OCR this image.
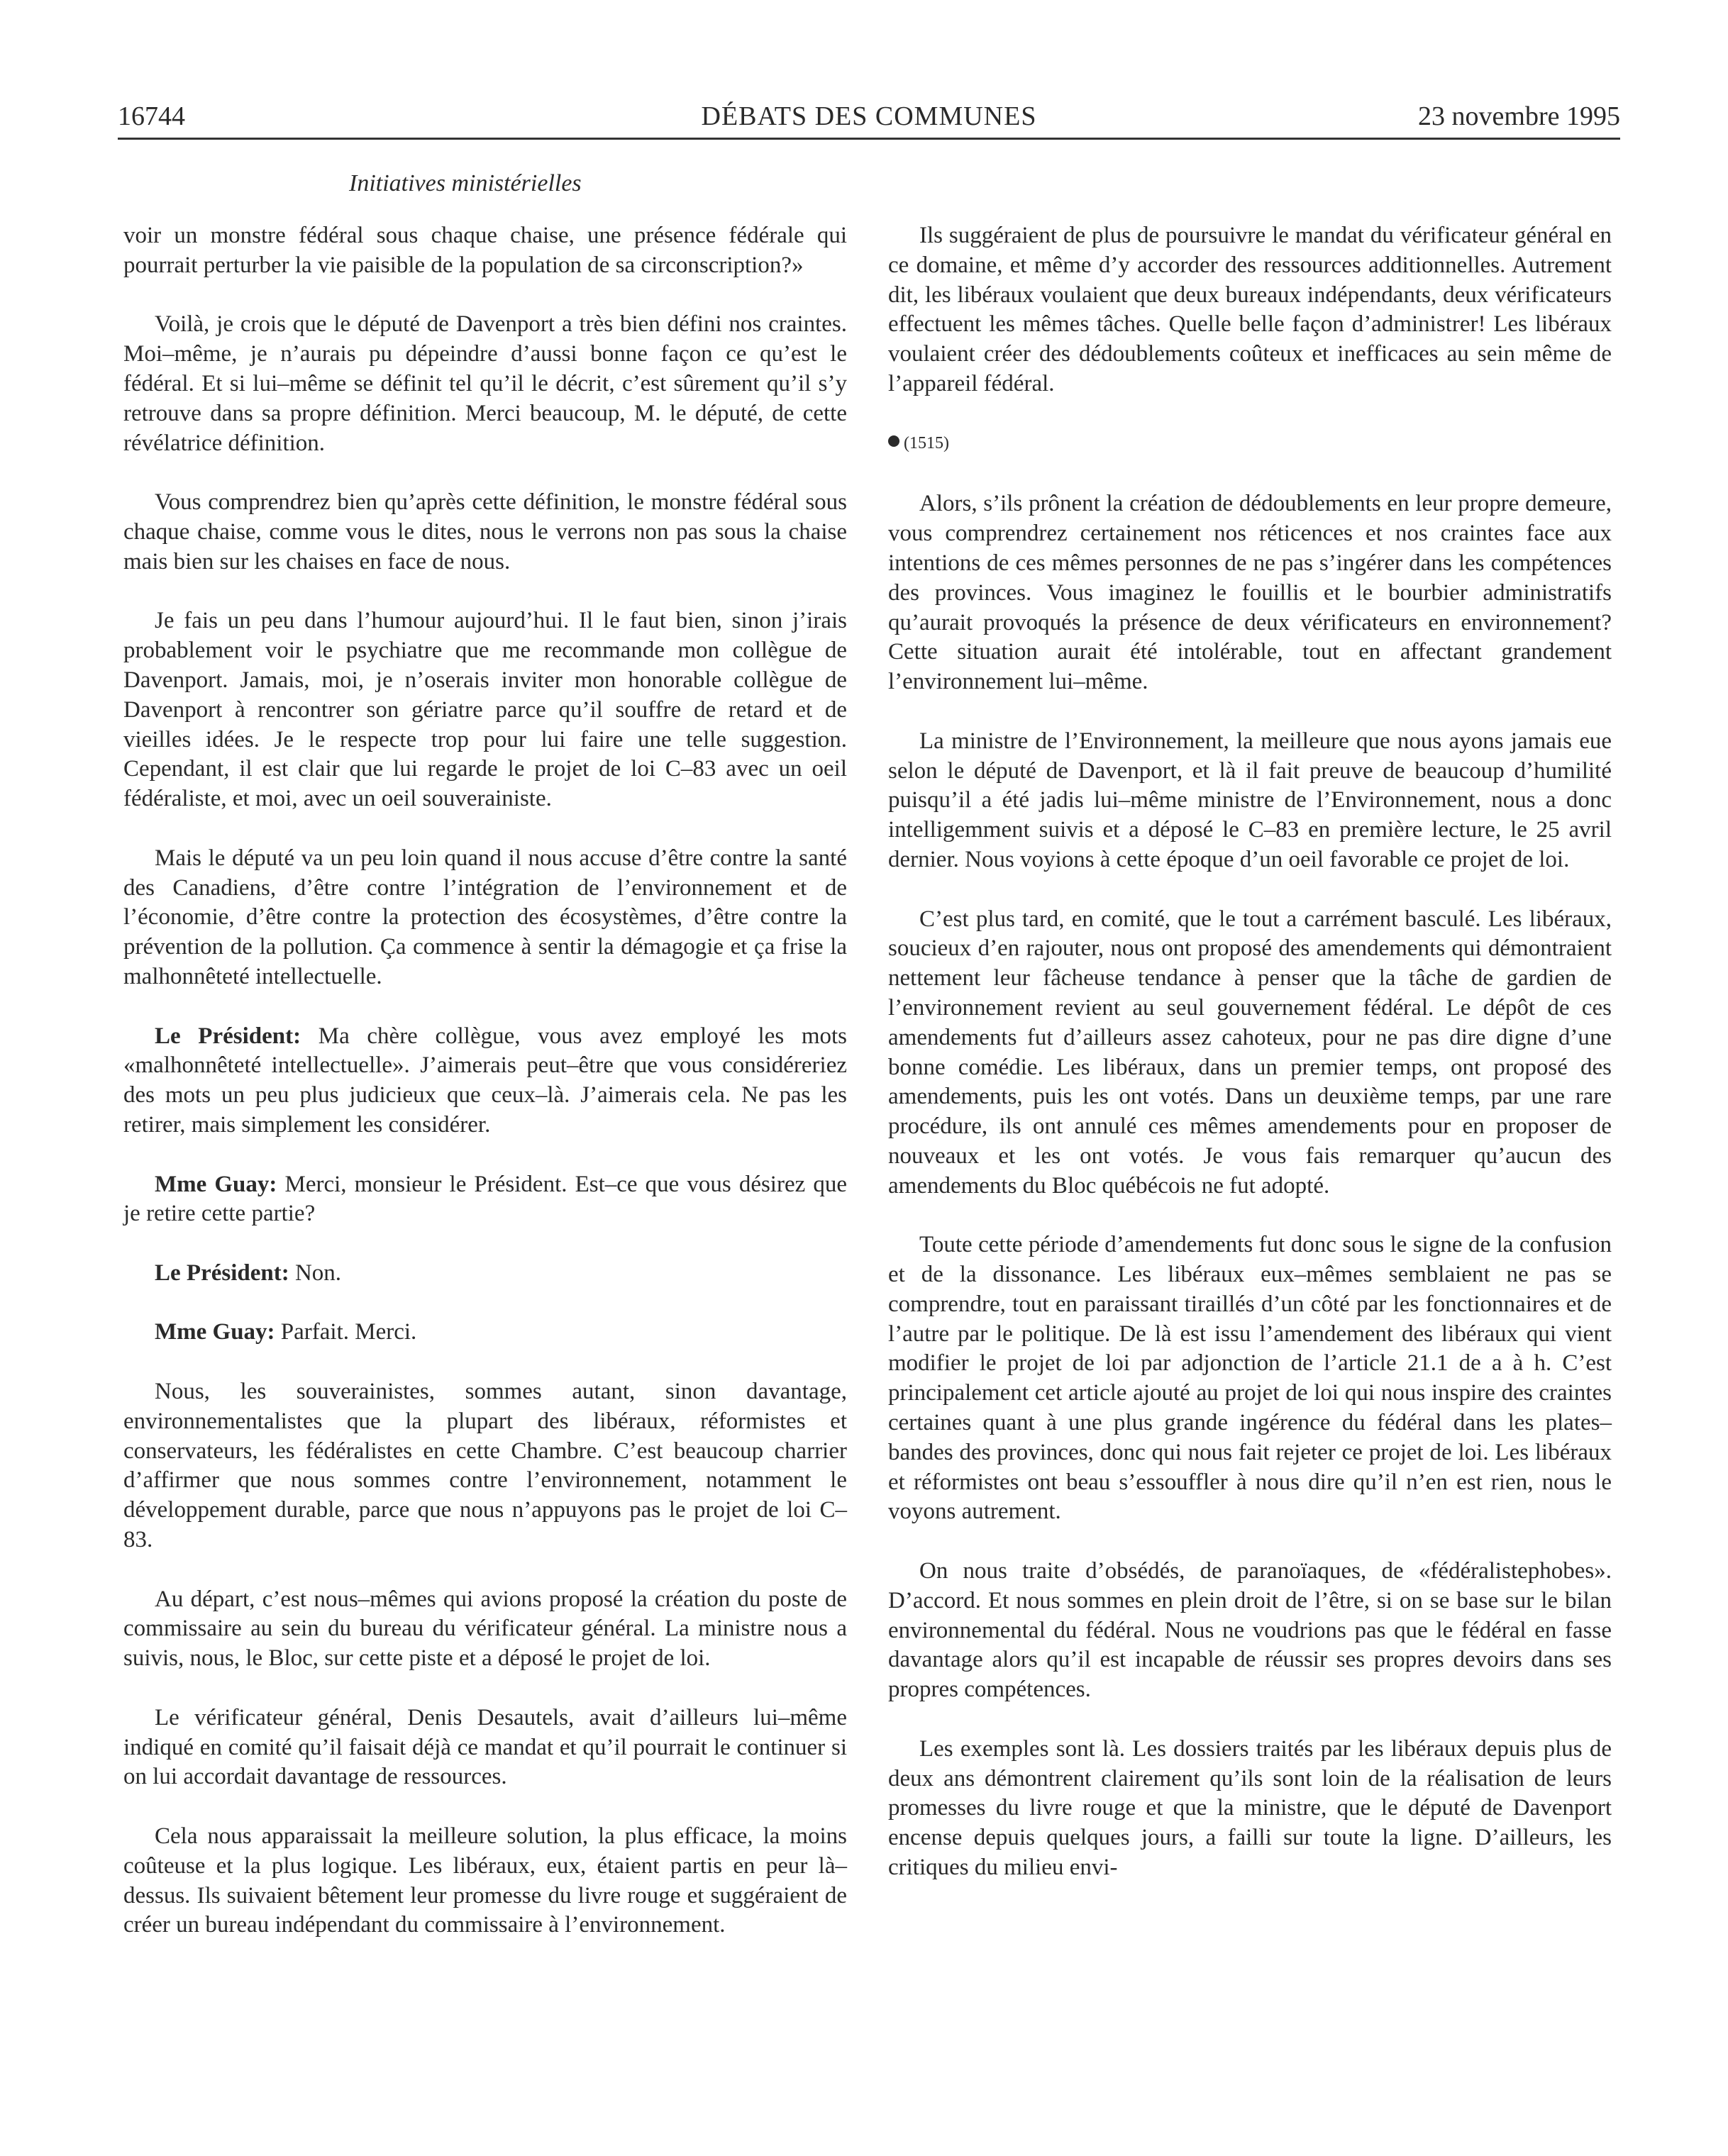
16744	DÉBATS DES COMMUNES	23 novembre 1995
Initiatives ministérielles

voir un monstre fédéral sous chaque chaise, une présence fédérale qui pourrait perturber la vie paisible de la population de sa circonscription?»

Voilà, je crois que le député de Davenport a très bien défini nos craintes. Moi–même, je n’aurais pu dépeindre d’aussi bonne façon ce qu’est le fédéral. Et si lui–même se définit tel qu’il le décrit, c’est sûrement qu’il s’y retrouve dans sa propre définition. Merci beaucoup, M. le député, de cette révélatrice définition.

Vous comprendrez bien qu’après cette définition, le monstre fédéral sous chaque chaise, comme vous le dites, nous le verrons non pas sous la chaise mais bien sur les chaises en face de nous.

Je fais un peu dans l’humour aujourd’hui. Il le faut bien, sinon j’irais probablement voir le psychiatre que me recommande mon collègue de Davenport. Jamais, moi, je n’oserais inviter mon honorable collègue de Davenport à rencontrer son gériatre parce qu’il souffre de retard et de vieilles idées. Je le respecte trop pour lui faire une telle suggestion. Cependant, il est clair que lui regarde le projet de loi C–83 avec un oeil fédéraliste, et moi, avec un oeil souverainiste.

Mais le député va un peu loin quand il nous accuse d’être contre la santé des Canadiens, d’être contre l’intégration de l’environnement et de l’économie, d’être contre la protection des écosystèmes, d’être contre la prévention de la pollution. Ça commence à sentir la démagogie et ça frise la malhonnêteté intellectuelle.

Le Président: Ma chère collègue, vous avez employé les mots «malhonnêteté intellectuelle». J’aimerais peut–être que vous considéreriez des mots un peu plus judicieux que ceux–là. J’aimerais cela. Ne pas les retirer, mais simplement les considérer.

Mme Guay: Merci, monsieur le Président. Est–ce que vous désirez que je retire cette partie?

Le Président: Non.

Mme Guay: Parfait. Merci.

Nous, les souverainistes, sommes autant, sinon davantage, environnementalistes que la plupart des libéraux, réformistes et conservateurs, les fédéralistes en cette Chambre. C’est beaucoup charrier d’affirmer que nous sommes contre l’environnement, notamment le développement durable, parce que nous n’appuyons pas le projet de loi C–83.

Au départ, c’est nous–mêmes qui avions proposé la création du poste de commissaire au sein du bureau du vérificateur général. La ministre nous a suivis, nous, le Bloc, sur cette piste et a déposé le projet de loi.

Le vérificateur général, Denis Desautels, avait d’ailleurs lui–même indiqué en comité qu’il faisait déjà ce mandat et qu’il pourrait le continuer si on lui accordait davantage de ressources.

Cela nous apparaissait la meilleure solution, la plus efficace, la moins coûteuse et la plus logique. Les libéraux, eux, étaient partis en peur là–dessus. Ils suivaient bêtement leur promesse du livre rouge et suggéraient de créer un bureau indépendant du commissaire à l’environnement.

Ils suggéraient de plus de poursuivre le mandat du vérificateur général en ce domaine, et même d’y accorder des ressources additionnelles. Autrement dit, les libéraux voulaient que deux bureaux indépendants, deux vérificateurs effectuent les mêmes tâches. Quelle belle façon d’administrer! Les libéraux voulaient créer des dédoublements coûteux et inefficaces au sein même de l’appareil fédéral.

(1515)

Alors, s’ils prônent la création de dédoublements en leur propre demeure, vous comprendrez certainement nos réticences et nos craintes face aux intentions de ces mêmes personnes de ne pas s’ingérer dans les compétences des provinces. Vous imaginez le fouillis et le bourbier administratifs qu’aurait provoqués la présence de deux vérificateurs en environnement? Cette situation aurait été intolérable, tout en affectant grandement l’environnement lui–même.

La ministre de l’Environnement, la meilleure que nous ayons jamais eue selon le député de Davenport, et là il fait preuve de beaucoup d’humilité puisqu’il a été jadis lui–même ministre de l’Environnement, nous a donc intelligemment suivis et a déposé le C–83 en première lecture, le 25 avril dernier. Nous voyions à cette époque d’un oeil favorable ce projet de loi.

C’est plus tard, en comité, que le tout a carrément basculé. Les libéraux, soucieux d’en rajouter, nous ont proposé des amendements qui démontraient nettement leur fâcheuse tendance à penser que la tâche de gardien de l’environnement revient au seul gouvernement fédéral. Le dépôt de ces amendements fut d’ailleurs assez cahoteux, pour ne pas dire digne d’une bonne comédie. Les libéraux, dans un premier temps, ont proposé des amendements, puis les ont votés. Dans un deuxième temps, par une rare procédure, ils ont annulé ces mêmes amendements pour en proposer de nouveaux et les ont votés. Je vous fais remarquer qu’aucun des amendements du Bloc québécois ne fut adopté.

Toute cette période d’amendements fut donc sous le signe de la confusion et de la dissonance. Les libéraux eux–mêmes semblaient ne pas se comprendre, tout en paraissant tiraillés d’un côté par les fonctionnaires et de l’autre par le politique. De là est issu l’amendement des libéraux qui vient modifier le projet de loi par adjonction de l’article 21.1 de a à h. C’est principalement cet article ajouté au projet de loi qui nous inspire des craintes certaines quant à une plus grande ingérence du fédéral dans les plates–bandes des provinces, donc qui nous fait rejeter ce projet de loi. Les libéraux et réformistes ont beau s’essouffler à nous dire qu’il n’en est rien, nous le voyons autrement.

On nous traite d’obsédés, de paranoïaques, de «fédéralistephobes». D’accord. Et nous sommes en plein droit de l’être, si on se base sur le bilan environnemental du fédéral. Nous ne voudrions pas que le fédéral en fasse davantage alors qu’il est incapable de réussir ses propres devoirs dans ses propres compétences.

Les exemples sont là. Les dossiers traités par les libéraux depuis plus de deux ans démontrent clairement qu’ils sont loin de la réalisation de leurs promesses du livre rouge et que la ministre, que le député de Davenport encense depuis quelques jours, a failli sur toute la ligne. D’ailleurs, les critiques du milieu envi-
